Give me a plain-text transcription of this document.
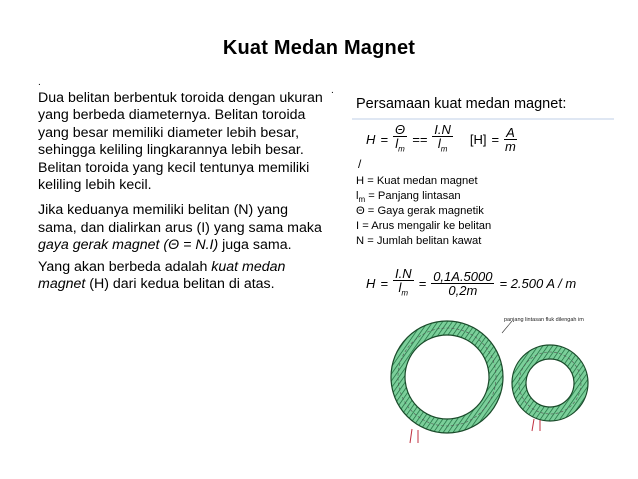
Kuat Medan Magnet
.
.

Dua belitan berbentuk toroida dengan ukuran yang berbeda diameternya. Belitan toroida yang besar memiliki diameter lebih besar, sehingga keliling lingkarannya lebih besar. Belitan toroida yang kecil tentunya memiliki keliling lebih kecil.

Jika keduanya memiliki belitan (N) yang sama, dan dialirkan arus (I) yang sama maka gaya gerak magnet (Θ = N.I) juga sama.

Yang akan berbeda adalah kuat medan magnet (H) dari kedua belitan di atas.

Persamaan kuat medan magnet:
$H = \frac{\Theta}{l_m} == \frac{I.N}{l_m} [H] = \frac{A}{m}$
/
H = Kuat medan magnet
$l_m$ = Panjang lintasan
Θ = Gaya gerak magnetik
I = Arus mengalir ke belitan
N = Jumlah belitan kawat
$H = \frac{I.N}{l_m} = \frac{0,1A.5000}{0,2m} = 2.500$ A / m
panjang lintasan fluk dilengah im
